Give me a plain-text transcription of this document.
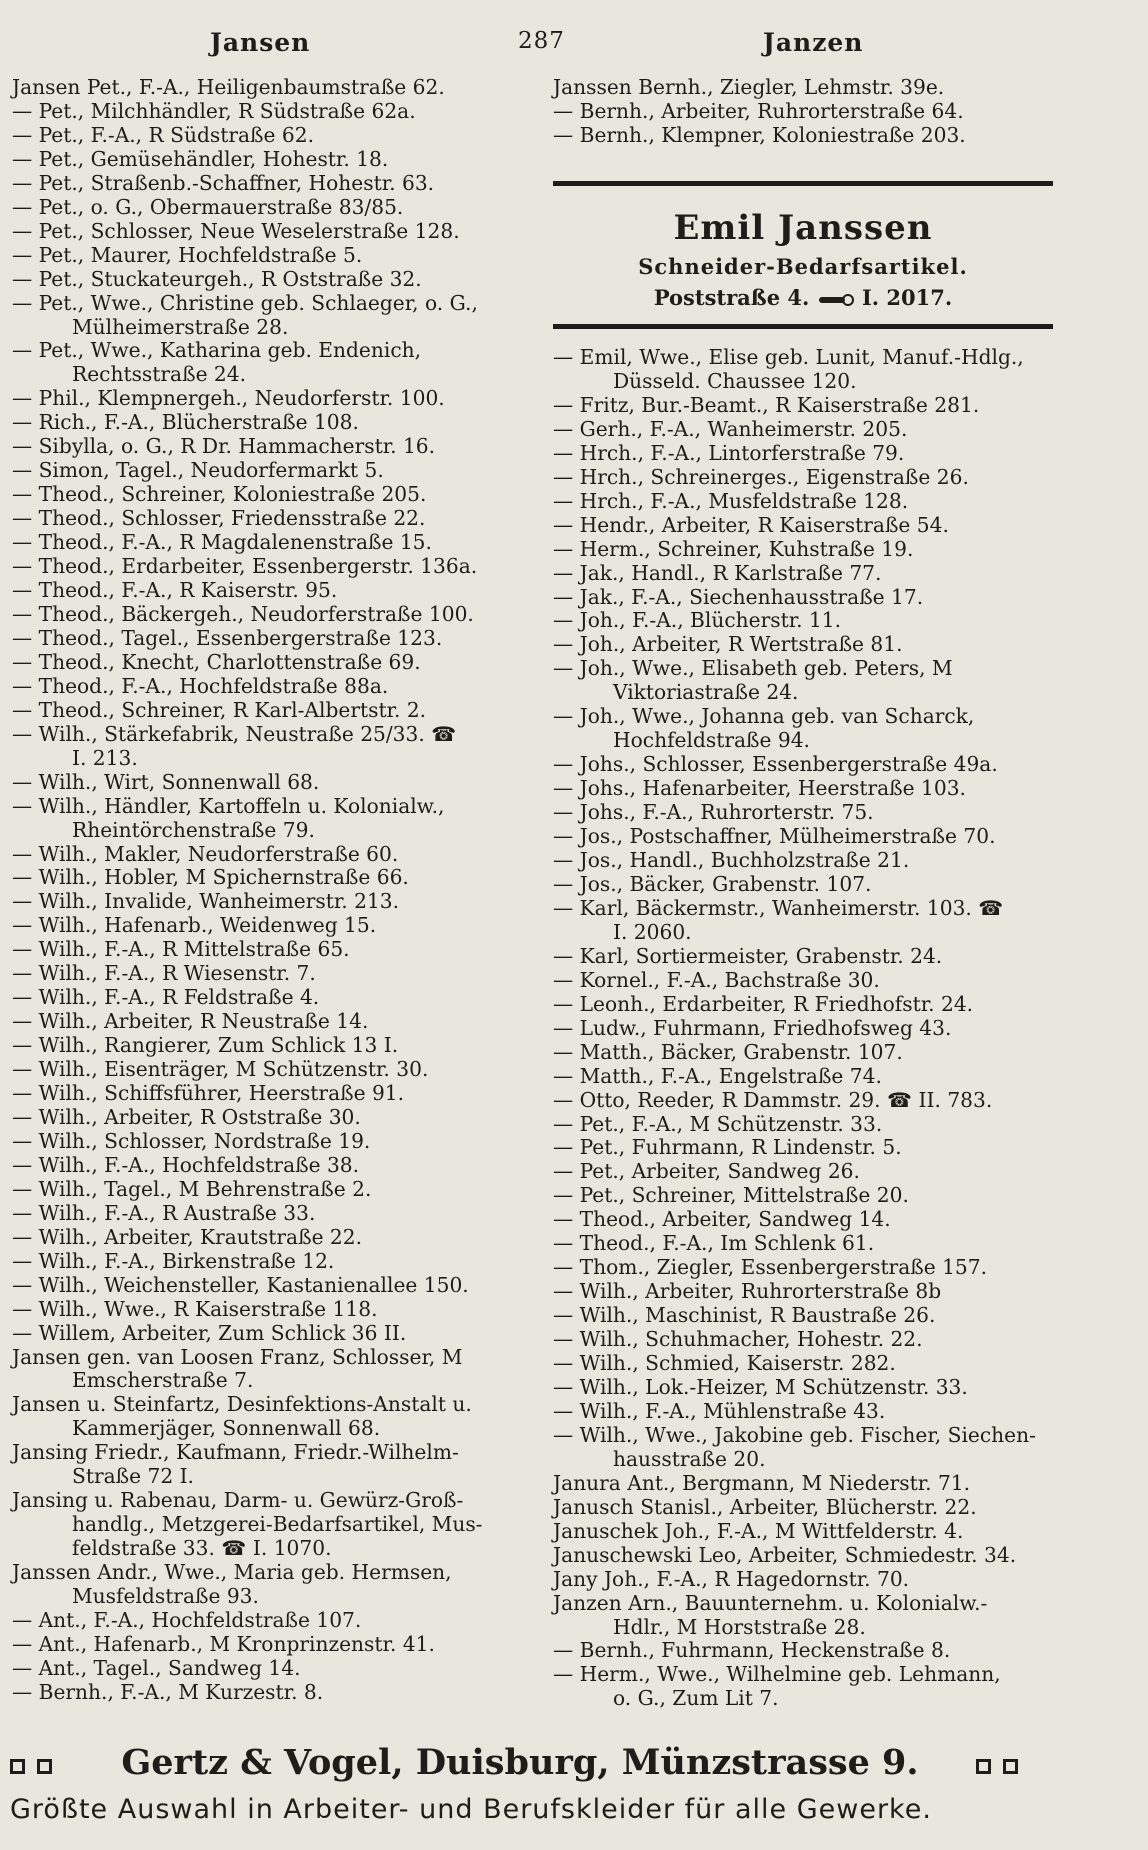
Jansen	287	Janzen
Jansen Pet., F.-A., Heiligenbaumstraße 62.
— Pet., Milchhändler, R Südstraße 62a.
— Pet., F.-A., R Südstraße 62.
— Pet., Gemüsehändler, Hohestr. 18.
— Pet., Straßenb.-Schaffner, Hohestr. 63.
— Pet., o. G., Obermauerstraße 83/85.
— Pet., Schlosser, Neue Weselerstraße 128.
— Pet., Maurer, Hochfeldstraße 5.
— Pet., Stuckateurgeh., R Oststraße 32.
— Pet., Wwe., Christine geb. Schlaeger, o. G.,
Mülheimerstraße 28.
— Pet., Wwe., Katharina geb. Endenich,
Rechtsstraße 24.
— Phil., Klempnergeh., Neudorferstr. 100.
— Rich., F.-A., Blücherstraße 108.
— Sibylla, o. G., R Dr. Hammacherstr. 16.
— Simon, Tagel., Neudorfermarkt 5.
— Theod., Schreiner, Koloniestraße 205.
— Theod., Schlosser, Friedensstraße 22.
— Theod., F.-A., R Magdalenenstraße 15.
— Theod., Erdarbeiter, Essenbergerstr. 136a.
— Theod., F.-A., R Kaiserstr. 95.
— Theod., Bäckergeh., Neudorferstraße 100.
— Theod., Tagel., Essenbergerstraße 123.
— Theod., Knecht, Charlottenstraße 69.
— Theod., F.-A., Hochfeldstraße 88a.
— Theod., Schreiner, R Karl-Albertstr. 2.
— Wilh., Stärkefabrik, Neustraße 25/33. ☎
I. 213.
— Wilh., Wirt, Sonnenwall 68.
— Wilh., Händler, Kartoffeln u. Kolonialw.,
Rheintörchenstraße 79.
— Wilh., Makler, Neudorferstraße 60.
— Wilh., Hobler, M Spichernstraße 66.
— Wilh., Invalide, Wanheimerstr. 213.
— Wilh., Hafenarb., Weidenweg 15.
— Wilh., F.-A., R Mittelstraße 65.
— Wilh., F.-A., R Wiesenstr. 7.
— Wilh., F.-A., R Feldstraße 4.
— Wilh., Arbeiter, R Neustraße 14.
— Wilh., Rangierer, Zum Schlick 13 I.
— Wilh., Eisenträger, M Schützenstr. 30.
— Wilh., Schiffsführer, Heerstraße 91.
— Wilh., Arbeiter, R Oststraße 30.
— Wilh., Schlosser, Nordstraße 19.
— Wilh., F.-A., Hochfeldstraße 38.
— Wilh., Tagel., M Behrenstraße 2.
— Wilh., F.-A., R Austraße 33.
— Wilh., Arbeiter, Krautstraße 22.
— Wilh., F.-A., Birkenstraße 12.
— Wilh., Weichensteller, Kastanienallee 150.
— Wilh., Wwe., R Kaiserstraße 118.
— Willem, Arbeiter, Zum Schlick 36 II.
Jansen gen. van Loosen Franz, Schlosser, M
Emscherstraße 7.
Jansen u. Steinfartz, Desinfektions-Anstalt u.
Kammerjäger, Sonnenwall 68.
Jansing Friedr., Kaufmann, Friedr.-Wilhelm-
Straße 72 I.
Jansing u. Rabenau, Darm- u. Gewürz-Groß-
handlg., Metzgerei-Bedarfsartikel, Mus-
feldstraße 33. ☎ I. 1070.
Janssen Andr., Wwe., Maria geb. Hermsen,
Musfeldstraße 93.
— Ant., F.-A., Hochfeldstraße 107.
— Ant., Hafenarb., M Kronprinzenstr. 41.
— Ant., Tagel., Sandweg 14.
— Bernh., F.-A., M Kurzestr. 8.
Janssen Bernh., Ziegler, Lehmstr. 39e.
— Bernh., Arbeiter, Ruhrorterstraße 64.
— Bernh., Klempner, Koloniestraße 203.
Emil Janssen
Schneider-Bedarfsartikel.
Poststraße 4.	I. 2017.
— Emil, Wwe., Elise geb. Lunit, Manuf.-Hdlg.,
Düsseld. Chaussee 120.
— Fritz, Bur.-Beamt., R Kaiserstraße 281.
— Gerh., F.-A., Wanheimerstr. 205.
— Hrch., F.-A., Lintorferstraße 79.
— Hrch., Schreinerges., Eigenstraße 26.
— Hrch., F.-A., Musfeldstraße 128.
— Hendr., Arbeiter, R Kaiserstraße 54.
— Herm., Schreiner, Kuhstraße 19.
— Jak., Handl., R Karlstraße 77.
— Jak., F.-A., Siechenhausstraße 17.
— Joh., F.-A., Blücherstr. 11.
— Joh., Arbeiter, R Wertstraße 81.
— Joh., Wwe., Elisabeth geb. Peters, M
Viktoriastraße 24.
— Joh., Wwe., Johanna geb. van Scharck,
Hochfeldstraße 94.
— Johs., Schlosser, Essenbergerstraße 49a.
— Johs., Hafenarbeiter, Heerstraße 103.
— Johs., F.-A., Ruhrorterstr. 75.
— Jos., Postschaffner, Mülheimerstraße 70.
— Jos., Handl., Buchholzstraße 21.
— Jos., Bäcker, Grabenstr. 107.
— Karl, Bäckermstr., Wanheimerstr. 103. ☎
I. 2060.
— Karl, Sortiermeister, Grabenstr. 24.
— Kornel., F.-A., Bachstraße 30.
— Leonh., Erdarbeiter, R Friedhofstr. 24.
— Ludw., Fuhrmann, Friedhofsweg 43.
— Matth., Bäcker, Grabenstr. 107.
— Matth., F.-A., Engelstraße 74.
— Otto, Reeder, R Dammstr. 29. ☎ II. 783.
— Pet., F.-A., M Schützenstr. 33.
— Pet., Fuhrmann, R Lindenstr. 5.
— Pet., Arbeiter, Sandweg 26.
— Pet., Schreiner, Mittelstraße 20.
— Theod., Arbeiter, Sandweg 14.
— Theod., F.-A., Im Schlenk 61.
— Thom., Ziegler, Essenbergerstraße 157.
— Wilh., Arbeiter, Ruhrorterstraße 8b
— Wilh., Maschinist, R Baustraße 26.
— Wilh., Schuhmacher, Hohestr. 22.
— Wilh., Schmied, Kaiserstr. 282.
— Wilh., Lok.-Heizer, M Schützenstr. 33.
— Wilh., F.-A., Mühlenstraße 43.
— Wilh., Wwe., Jakobine geb. Fischer, Siechen-
hausstraße 20.
Janura Ant., Bergmann, M Niederstr. 71.
Janusch Stanisl., Arbeiter, Blücherstr. 22.
Januschek Joh., F.-A., M Wittfelderstr. 4.
Januschewski Leo, Arbeiter, Schmiedestr. 34.
Jany Joh., F.-A., R Hagedornstr. 70.
Janzen Arn., Bauunternehm. u. Kolonialw.-
Hdlr., M Horststraße 28.
— Bernh., Fuhrmann, Heckenstraße 8.
— Herm., Wwe., Wilhelmine geb. Lehmann,
o. G., Zum Lit 7.
Gertz & Vogel, Duisburg, Münzstrasse 9.
Größte Auswahl in Arbeiter- und Berufskleider für alle Gewerke.
